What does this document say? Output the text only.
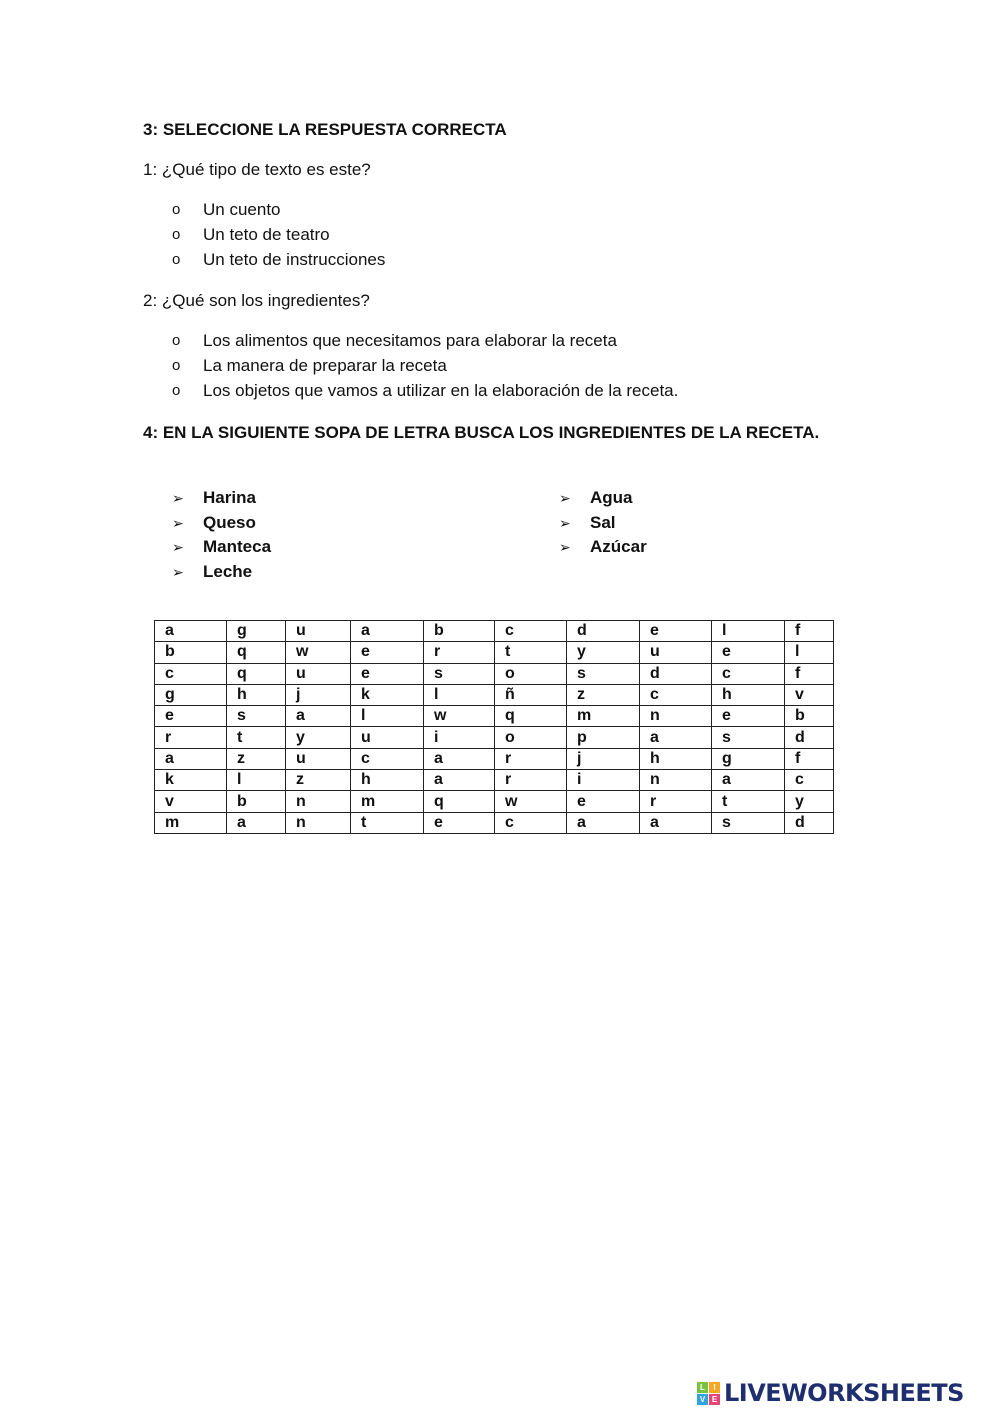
3: SELECCIONE LA RESPUESTA CORRECTA
1: ¿Qué tipo de texto es este?
o	Un cuento
o	Un teto de teatro
o	Un teto de instrucciones
2: ¿Qué son los ingredientes?
o	Los alimentos que necesitamos para elaborar la receta
o	La manera de preparar la receta
o	Los objetos que vamos a utilizar en la elaboración de la receta.
4: EN LA SIGUIENTE SOPA DE LETRA BUSCA LOS INGREDIENTES DE LA RECETA.
➢	Harina
➢	Queso
➢	Manteca
➢	Leche
➢	Agua
➢	Sal
➢	Azúcar
a	g	u	a	b	c	d	e	l	f
b	q	w	e	r	t	y	u	e	l
c	q	u	e	s	o	s	d	c	f
g	h	j	k	l	ñ	z	c	h	v
e	s	a	l	w	q	m	n	e	b
r	t	y	u	i	o	p	a	s	d
a	z	u	c	a	r	j	h	g	f
k	l	z	h	a	r	i	n	a	c
v	b	n	m	q	w	e	r	t	y
m	a	n	t	e	c	a	a	s	d
L	I
V E LIVEWORKSHEETS
